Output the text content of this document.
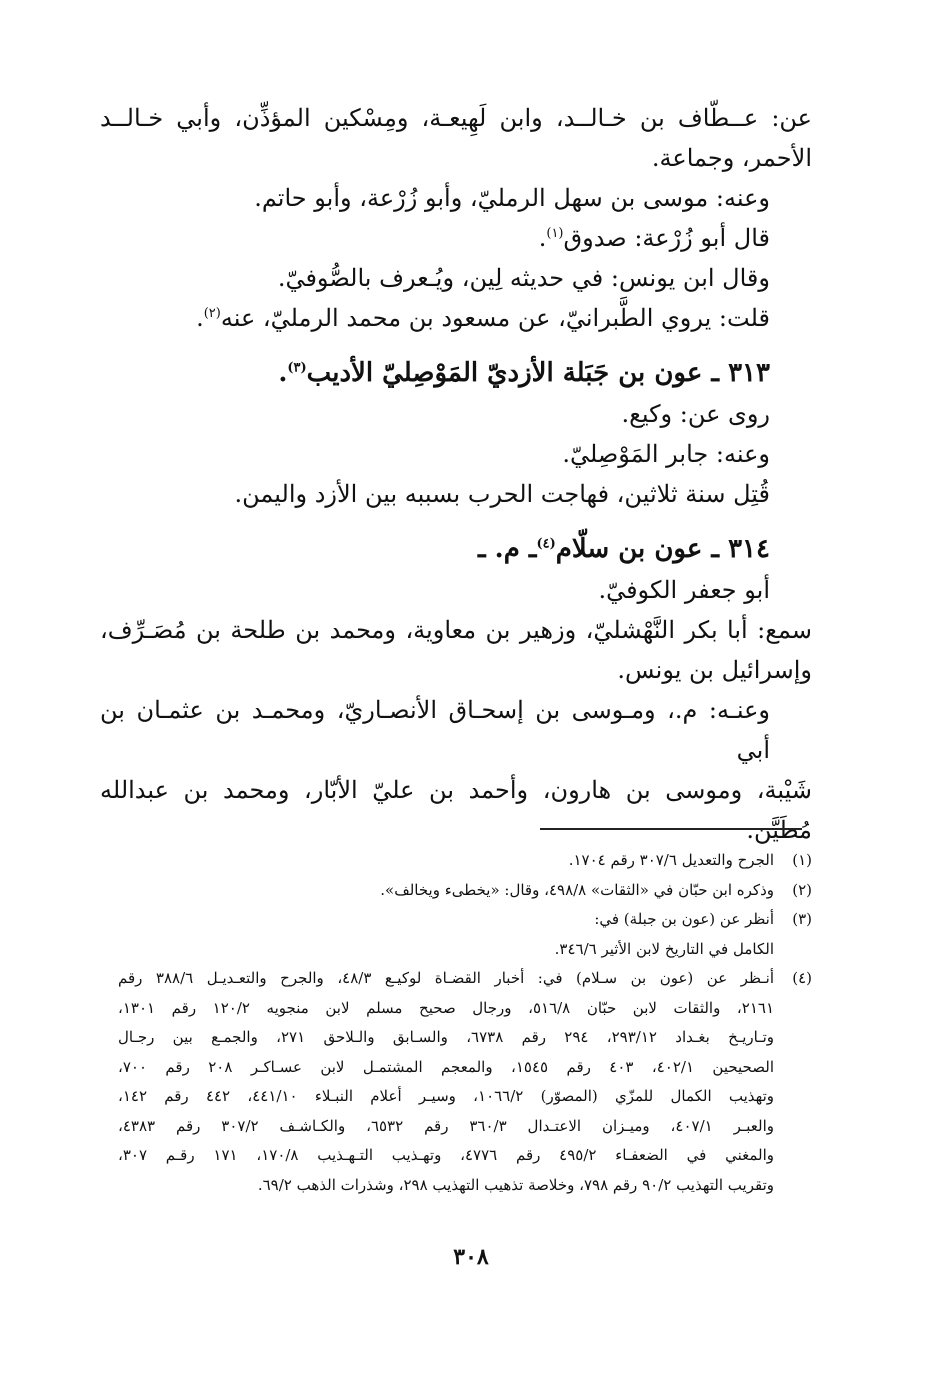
عن: عــطّاف بن خـالــد، وابن لَهِيعـة، ومِسْكين المؤذِّن، وأبي خـالــد

الأحمر، وجماعة.

وعنه: موسى بن سهل الرمليّ، وأبو زُرْعة، وأبو حاتم.

قال أبو زُرْعة: صدوق$^{(١)}$.

وقال ابن يونس: في حديثه لِين، ويُـعرف بالصُّوفيّ.

قلت: يروي الطَّبرانيّ، عن مسعود بن محمد الرمليّ، عنه$^{(٢)}$.

٣١٣ ـ عون بن جَبَلة الأزديّ المَوْصِليّ الأديب$^{(٣)}$.

روى عن: وكيع.

وعنه: جابر المَوْصِليّ.

قُتِل سنة ثلاثين، فهاجت الحرب بسببه بين الأزد واليمن.

٣١٤ ـ عون بن سلّام$^{(٤)}$ـ م. ـ

أبو جعفر الكوفيّ.

سمع: أبا بكر النَّهْشليّ، وزهير بن معاوية، ومحمد بن طلحة بن مُصَـرِّف،

وإسرائيل بن يونس.

وعنـه: م.، ومـوسى بن إسحـاق الأنصـاريّ، ومحمـد بن عثمـان بن أبي

شَيْبة، وموسى بن هارون، وأحمد بن عليّ الأبّار، ومحمد بن عبدالله مُطَيَّن.

(١)
الجرح والتعديل ٣٠٧/٦ رقم ١٧٠٤.
(٢)
وذكره ابن حبّان في «الثقات» ٤٩٨/٨، وقال: «يخطىء ويخالف».
(٣)
أنظر عن (عون بن جبلة) في:
الكامل في التاريخ لابن الأثير ٣٤٦/٦.
(٤)
أنـظر عن (عون بن سـلام) في: أخبار القضـاة لوكيـع ٤٨/٣، والجرح والتعـديـل ٣٨٨/٦ رقم
٢١٦١، والثقات لابن حبّان ٥١٦/٨، ورجال صحيح مسلم لابن منجويه ١٢٠/٢ رقم ١٣٠١،
وتـاريـخ بغـداد ٢٩٣/١٢، ٢٩٤ رقم ٦٧٣٨، والسـابق والـلاحق ٢٧١، والجمـع بين رجـال
الصحيحين ٤٠٢/١، ٤٠٣ رقم ١٥٤٥، والمعجم المشتمـل لابن عسـاكـر ٢٠٨ رقم ٧٠٠،
وتهذيب الكمال للمزّي (المصوّر) ١٠٦٦/٢، وسيـر أعلام النبـلاء ٤٤١/١٠، ٤٤٢ رقم ١٤٢،
والعبـر ٤٠٧/١، وميـزان الاعتـدال ٣٦٠/٣ رقم ٦٥٣٢، والكـاشـف ٣٠٧/٢ رقم ٤٣٨٣،
والمغني في الضعفـاء ٤٩٥/٢ رقم ٤٧٧٦، وتهـذيب التـهـذيب ١٧٠/٨، ١٧١ رقـم ٣٠٧،
وتقريب التهذيب ٩٠/٢ رقم ٧٩٨، وخلاصة تذهيب التهذيب ٢٩٨، وشذرات الذهب ٦٩/٢.
٣٠٨
